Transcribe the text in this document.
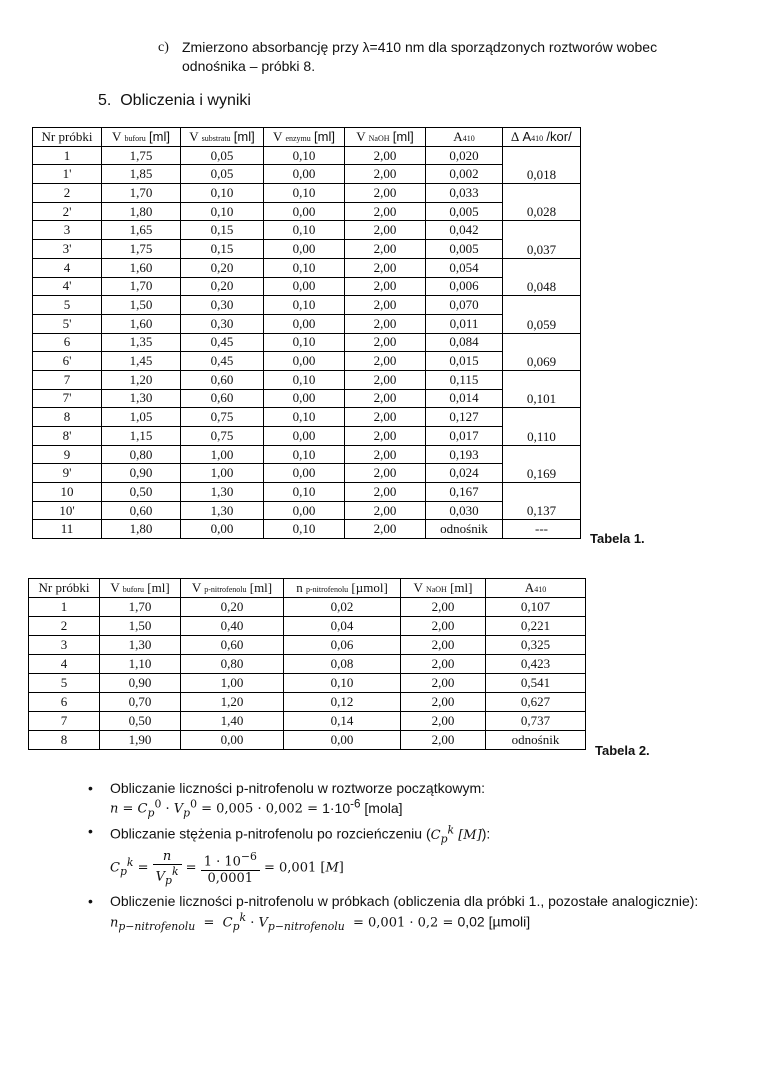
c) Zmierzono absorbancję przy λ=410 nm dla sporządzonych roztworów wobec odnośnika – próbki 8.
5. Obliczenia i wyniki
Nr próbki	V buforu [ml]	V substratu [ml]	V enzymu [ml]	V NaOH [ml]	A410	∆ A410 /kor/
1	1,75	0,05	0,10	2,00	0,020	0,018
1'	1,85	0,05	0,00	2,00	0,002	
2	1,70	0,10	0,10	2,00	0,033	0,028
2'	1,80	0,10	0,00	2,00	0,005	
3	1,65	0,15	0,10	2,00	0,042	0,037
3'	1,75	0,15	0,00	2,00	0,005	
4	1,60	0,20	0,10	2,00	0,054	0,048
4'	1,70	0,20	0,00	2,00	0,006	
5	1,50	0,30	0,10	2,00	0,070	0,059
5'	1,60	0,30	0,00	2,00	0,011	
6	1,35	0,45	0,10	2,00	0,084	0,069
6'	1,45	0,45	0,00	2,00	0,015	
7	1,20	0,60	0,10	2,00	0,115	0,101
7'	1,30	0,60	0,00	2,00	0,014	
8	1,05	0,75	0,10	2,00	0,127	0,110
8'	1,15	0,75	0,00	2,00	0,017	
9	0,80	1,00	0,10	2,00	0,193	0,169
9'	0,90	1,00	0,00	2,00	0,024	
10	0,50	1,30	0,10	2,00	0,167	0,137
10'	0,60	1,30	0,00	2,00	0,030	
11	1,80	0,00	0,10	2,00	odnośnik	---
Tabela 1.
Nr próbki	V buforu [ml]	V p-nitrofenolu [ml]	n p-nitrofenolu [µmol]	V NaOH [ml]	A410
1	1,70	0,20	0,02	2,00	0,107
2	1,50	0,40	0,04	2,00	0,221
3	1,30	0,60	0,06	2,00	0,325
4	1,10	0,80	0,08	2,00	0,423
5	0,90	1,00	0,10	2,00	0,541
6	0,70	1,20	0,12	2,00	0,627
7	0,50	1,40	0,14	2,00	0,737
8	1,90	0,00	0,00	2,00	odnośnik
Tabela 2.
• Obliczanie liczności p-nitrofenolu w roztworze początkowym:
$n = C_p^0 \cdot V_p^0 = 0,005 \cdot 0,002 = 1\cdot 10^{-6}$ [mola]
• Obliczanie stężenia p-nitrofenolu po rozcieńczeniu ($C_p^k$ [M]):
$C_p^k = \frac{n}{V_p^k} = \frac{1 \cdot 10^{-6}}{0,0001} = 0,001$ [M]
• Obliczenie liczności p-nitrofenolu w próbkach (obliczenia dla próbki 1., pozostałe analogicznie):
$n_{p-nitrofenolu} = C_p^k \cdot V_{p-nitrofenolu} = 0,001 \cdot 0,2 = 0,02$ [µmoli]
